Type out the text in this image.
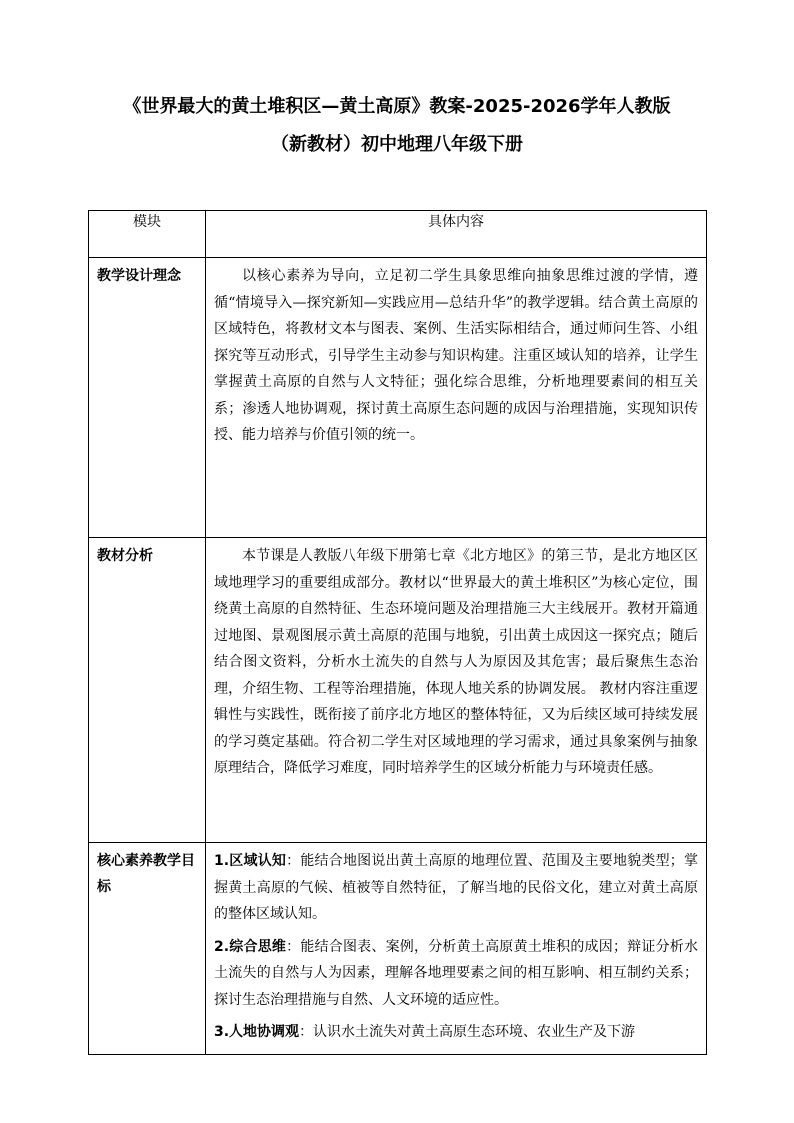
《世界最大的黄土堆积区—黄土高原》教案-2025-2026学年人教版
（新教材）初中地理八年级下册
模块	具体内容
教学设计理念	以核心素养为导向，立足初二学生具象思维向抽象思维过渡的学情，遵循“情境导入—探究新知—实践应用—总结升华”的教学逻辑。结合黄土高原的区域特色，将教材文本与图表、案例、生活实际相结合，通过师问生答、小组探究等互动形式，引导学生主动参与知识构建。注重区域认知的培养，让学生掌握黄土高原的自然与人文特征；强化综合思维，分析地理要素间的相互关系；渗透人地协调观，探讨黄土高原生态问题的成因与治理措施，实现知识传授、能力培养与价值引领的统一。

教材分析	本节课是人教版八年级下册第七章《北方地区》的第三节，是北方地区区域地理学习的重要组成部分。教材以“世界最大的黄土堆积区”为核心定位，围绕黄土高原的自然特征、生态环境问题及治理措施三大主线展开。教材开篇通过地图、景观图展示黄土高原的范围与地貌，引出黄土成因这一探究点；随后结合图文资料，分析水土流失的自然与人为原因及其危害；最后聚焦生态治理，介绍生物、工程等治理措施，体现人地关系的协调发展。 教材内容注重逻辑性与实践性，既衔接了前序北方地区的整体特征，又为后续区域可持续发展的学习奠定基础。符合初二学生对区域地理的学习需求，通过具象案例与抽象原理结合，降低学习难度，同时培养学生的区域分析能力与环境责任感。

核心素养教学目标	1.区域认知：能结合地图说出黄土高原的地理位置、范围及主要地貌类型；掌握黄土高原的气候、植被等自然特征，了解当地的民俗文化，建立对黄土高原的整体区域认知。

2.综合思维：能结合图表、案例，分析黄土高原黄土堆积的成因；辩证分析水土流失的自然与人为因素，理解各地理要素之间的相互影响、相互制约关系；探讨生态治理措施与自然、人文环境的适应性。

3.人地协调观：认识水土流失对黄土高原生态环境、农业生产及下游
